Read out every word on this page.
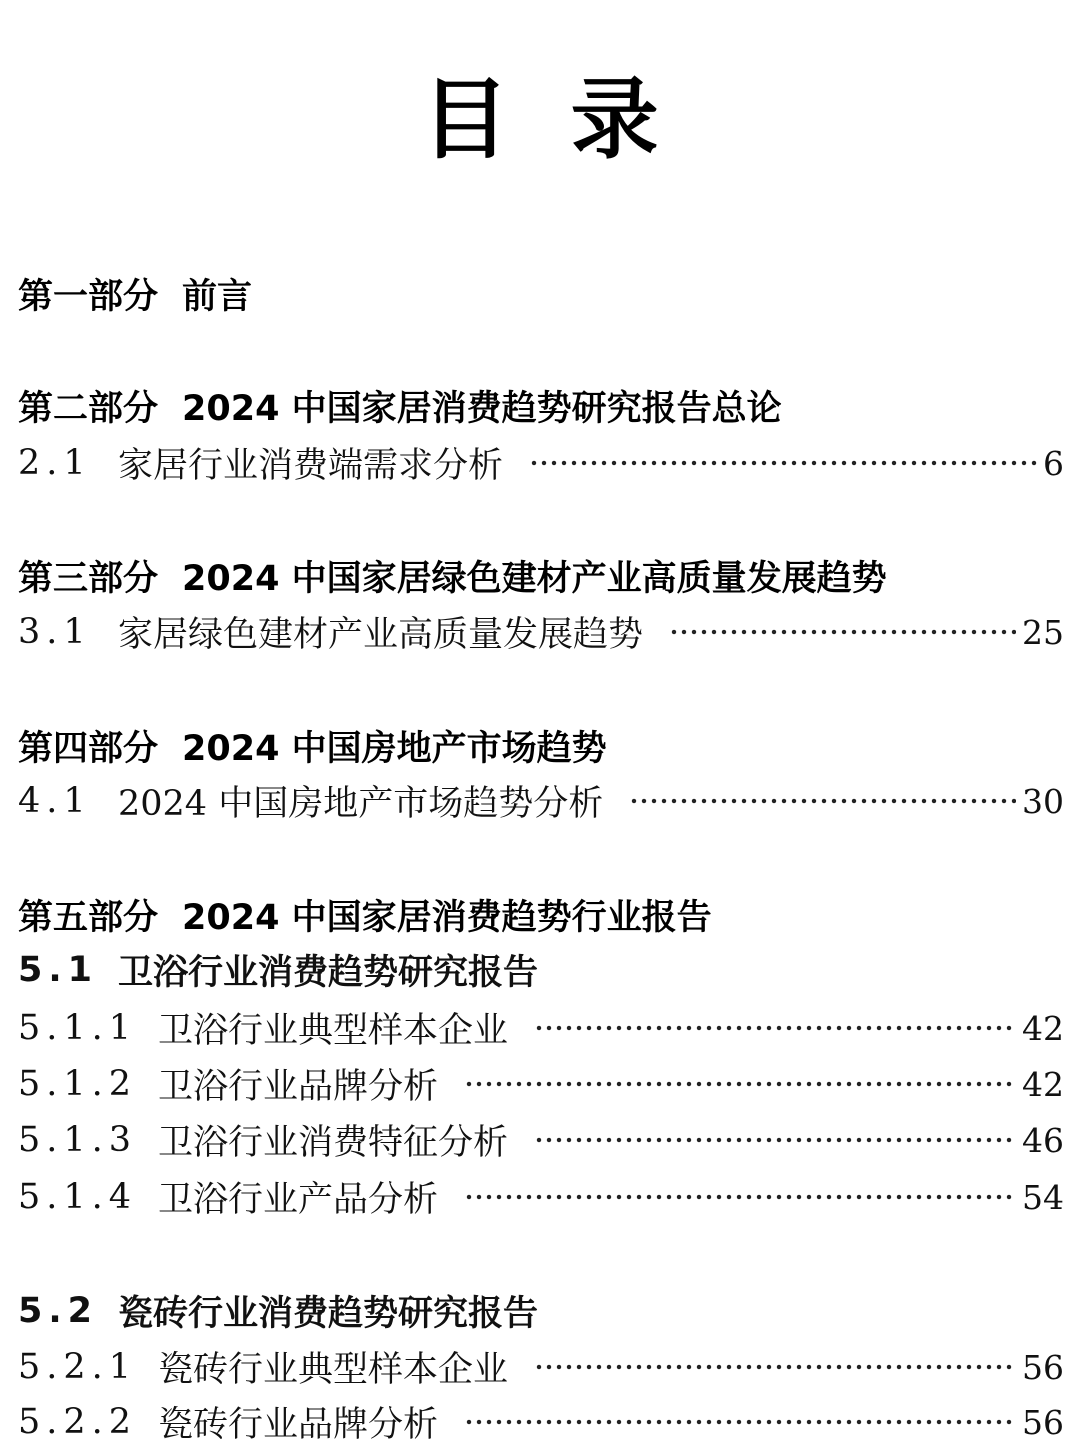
目  录
第一部分 前言
第二部分 2024 中国家居消费趋势研究报告总论
2.1 家居行业消费端需求分析	6
第三部分 2024 中国家居绿色建材产业高质量发展趋势
3.1 家居绿色建材产业高质量发展趋势	25
第四部分 2024 中国房地产市场趋势
4.1 2024 中国房地产市场趋势分析	30
第五部分 2024 中国家居消费趋势行业报告
5.1 卫浴行业消费趋势研究报告
5.1.1 卫浴行业典型样本企业	42
5.1.2 卫浴行业品牌分析	42
5.1.3 卫浴行业消费特征分析	46
5.1.4 卫浴行业产品分析	54
5.2 瓷砖行业消费趋势研究报告
5.2.1 瓷砖行业典型样本企业	56
5.2.2 瓷砖行业品牌分析	56
